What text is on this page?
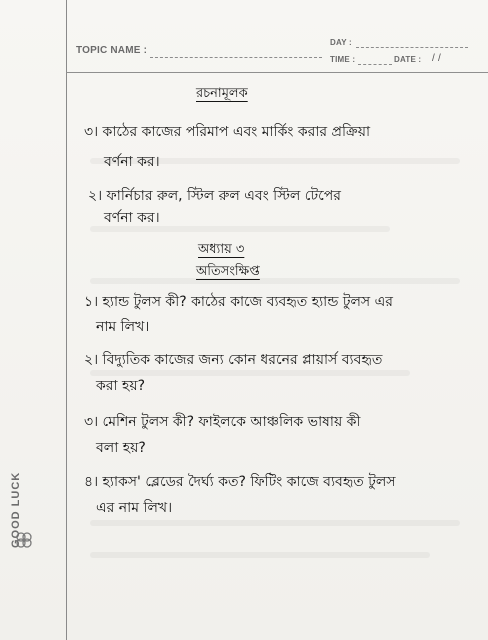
TOPIC NAME :
DAY :
TIME :	DATE : / /
রচনামূলক
৩। কাঠের কাজের পরিমাপ এবং মার্কিং করার প্রক্রিয়া
বর্ণনা কর।
২। ফার্নিচার রুল, স্টিল রুল এবং স্টিল টেপের
বর্ণনা কর।
অধ্যায় ৩
অতিসংক্ষিপ্ত
১। হ্যান্ড টুলস কী? কাঠের কাজে ব্যবহৃত হ্যান্ড টুলস এর
নাম লিখ।
২। বিদ্যুতিক কাজের জন্য কোন ধরনের প্লায়ার্স ব্যবহৃত
করা হয়?
৩। মেশিন টুলস কী? ফাইলকে আঞ্চলিক ভাষায় কী
বলা হয়?
৪। হ্যাকস' ব্লেডের দৈর্ঘ্য কত? ফিটিং কাজে ব্যবহৃত টুলস
এর নাম লিখ।
GOOD LUCK
